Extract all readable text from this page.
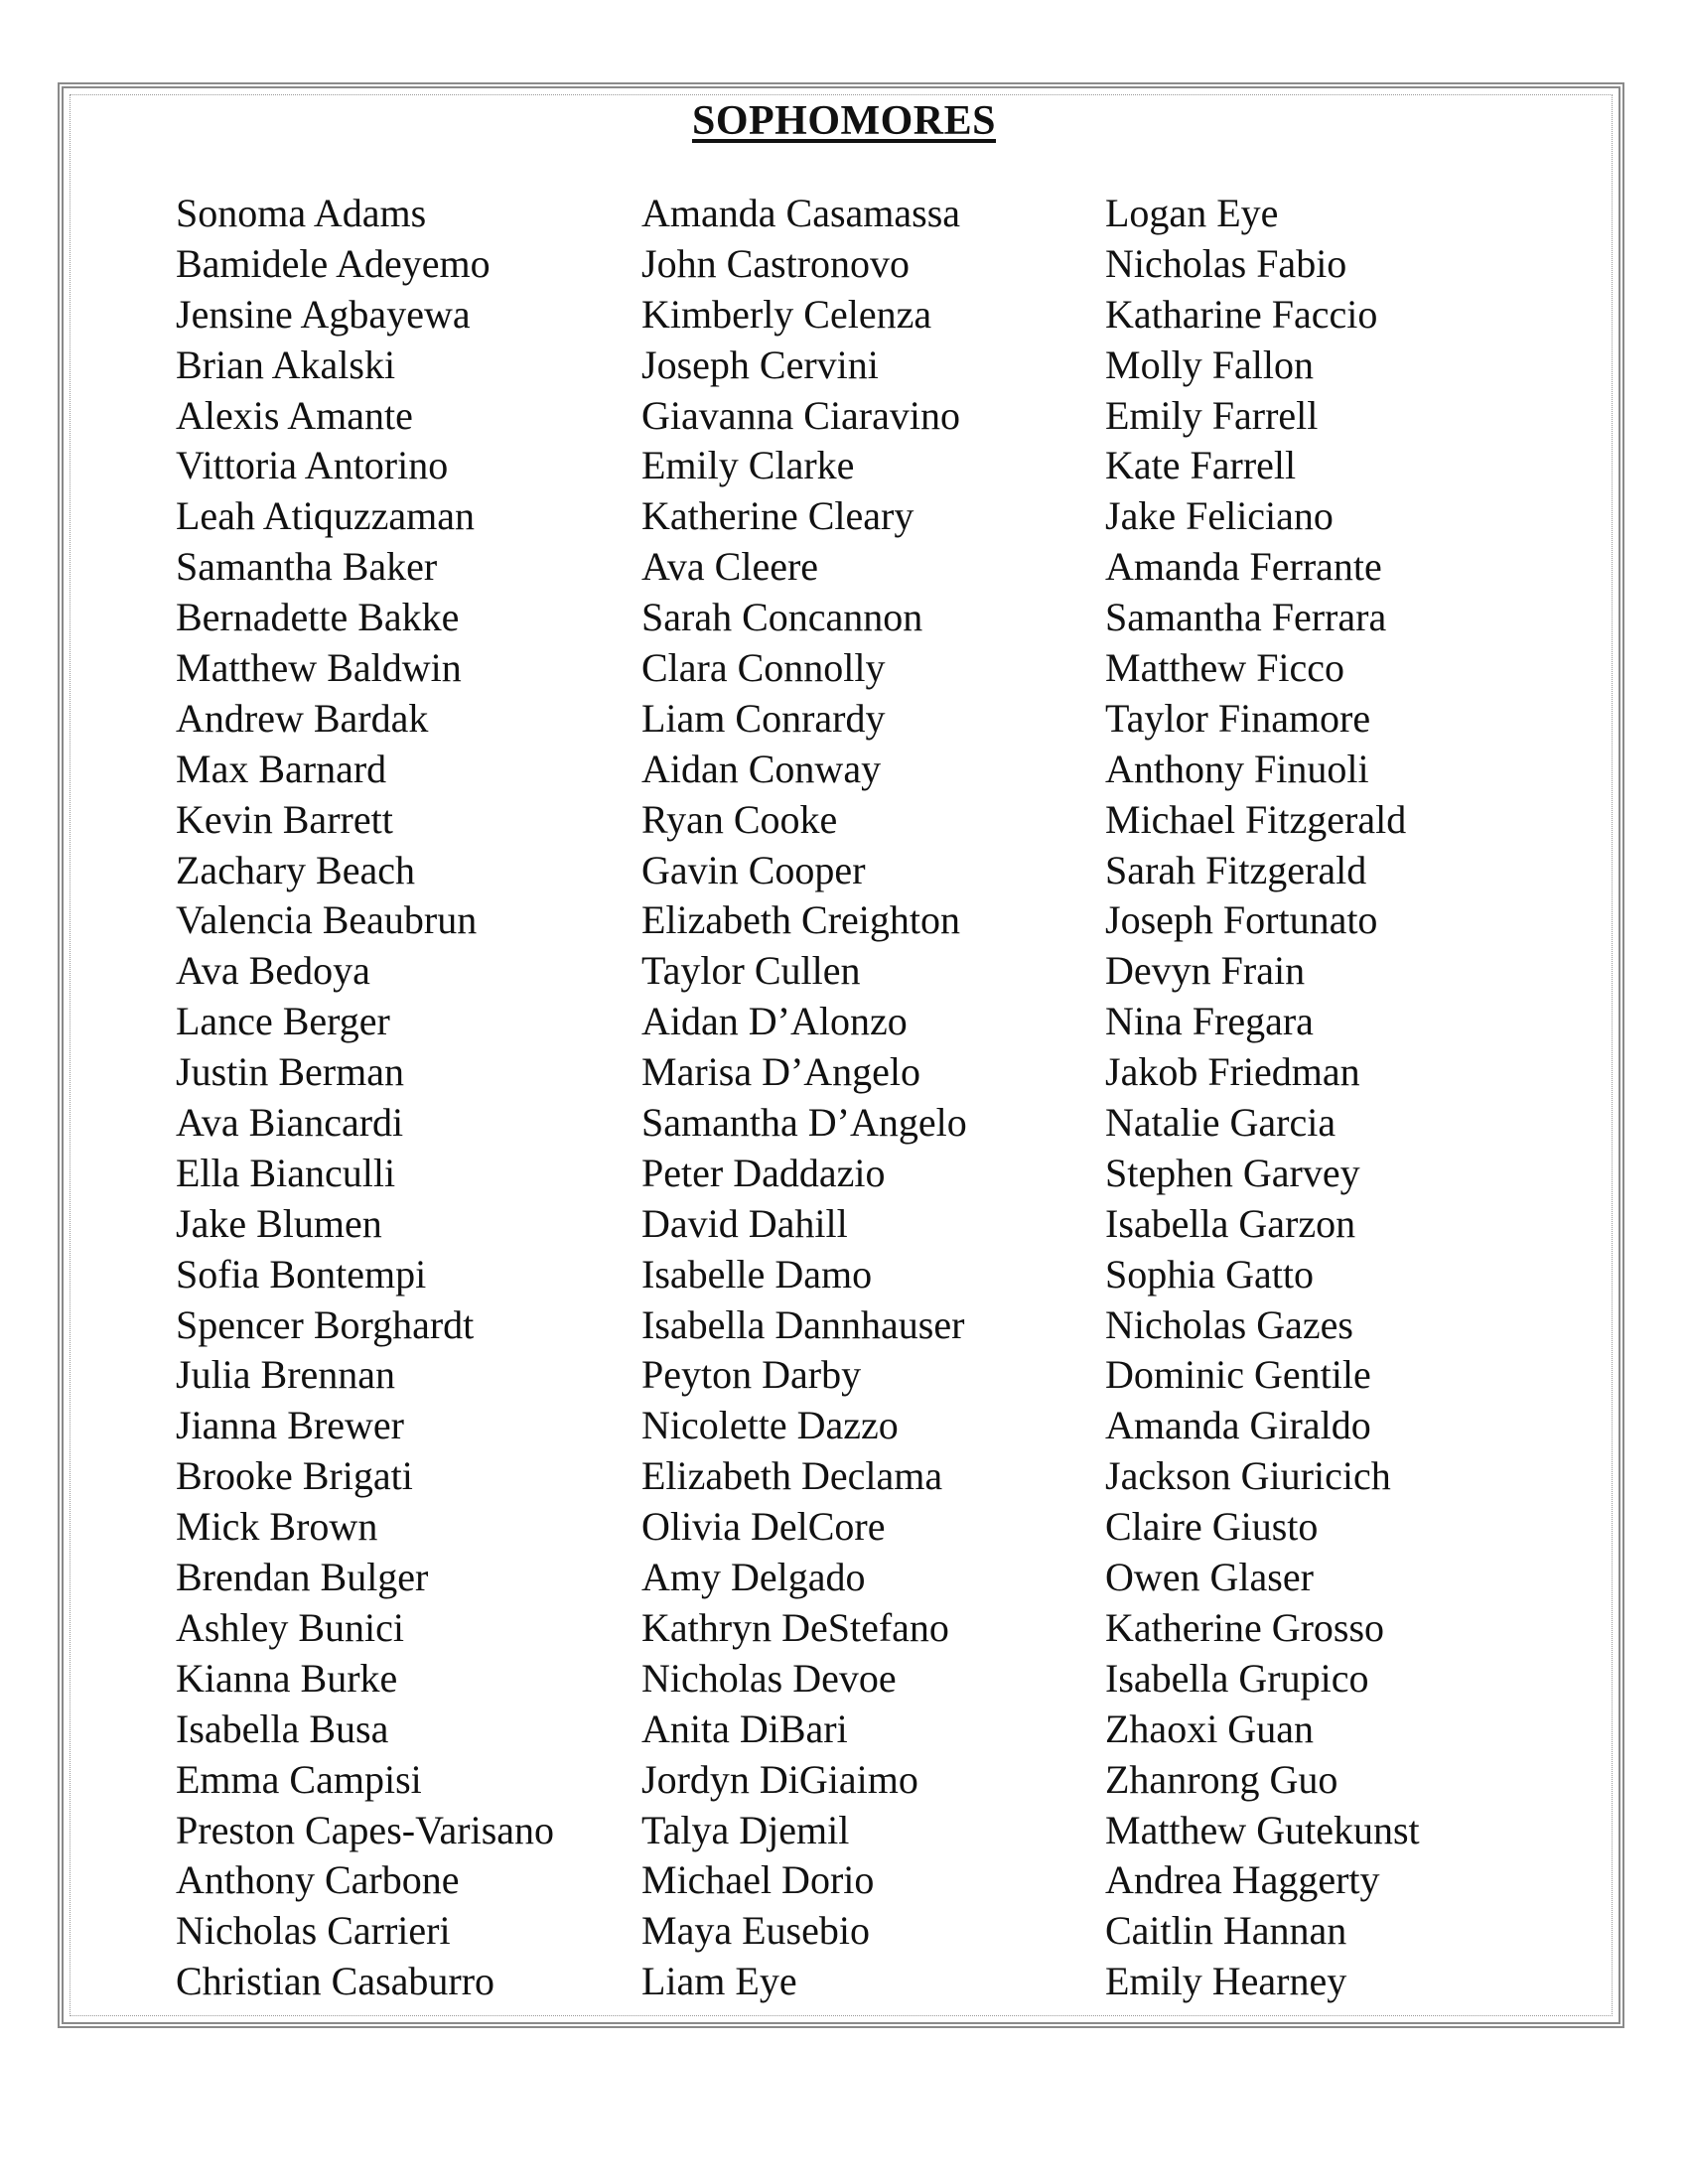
SOPHOMORES
Sonoma Adams
Bamidele Adeyemo
Jensine Agbayewa
Brian Akalski
Alexis Amante
Vittoria Antorino
Leah Atiquzzaman
Samantha Baker
Bernadette Bakke
Matthew Baldwin
Andrew Bardak
Max Barnard
Kevin Barrett
Zachary Beach
Valencia Beaubrun
Ava Bedoya
Lance Berger
Justin Berman
Ava Biancardi
Ella Bianculli
Jake Blumen
Sofia Bontempi
Spencer Borghardt
Julia Brennan
Jianna Brewer
Brooke Brigati
Mick Brown
Brendan Bulger
Ashley Bunici
Kianna Burke
Isabella Busa
Emma Campisi
Preston Capes-Varisano
Anthony Carbone
Nicholas Carrieri
Christian Casaburro
Amanda Casamassa
John Castronovo
Kimberly Celenza
Joseph Cervini
Giavanna Ciaravino
Emily Clarke
Katherine Cleary
Ava Cleere
Sarah Concannon
Clara Connolly
Liam Conrardy
Aidan Conway
Ryan Cooke
Gavin Cooper
Elizabeth Creighton
Taylor Cullen
Aidan D’Alonzo
Marisa D’Angelo
Samantha D’Angelo
Peter Daddazio
David Dahill
Isabelle Damo
Isabella Dannhauser
Peyton Darby
Nicolette Dazzo
Elizabeth Declama
Olivia DelCore
Amy Delgado
Kathryn DeStefano
Nicholas Devoe
Anita DiBari
Jordyn DiGiaimo
Talya Djemil
Michael Dorio
Maya Eusebio
Liam Eye
Logan Eye
Nicholas Fabio
Katharine Faccio
Molly Fallon
Emily Farrell
Kate Farrell
Jake Feliciano
Amanda Ferrante
Samantha Ferrara
Matthew Ficco
Taylor Finamore
Anthony Finuoli
Michael Fitzgerald
Sarah Fitzgerald
Joseph Fortunato
Devyn Frain
Nina Fregara
Jakob Friedman
Natalie Garcia
Stephen Garvey
Isabella Garzon
Sophia Gatto
Nicholas Gazes
Dominic Gentile
Amanda Giraldo
Jackson Giuricich
Claire Giusto
Owen Glaser
Katherine Grosso
Isabella Grupico
Zhaoxi Guan
Zhanrong Guo
Matthew Gutekunst
Andrea Haggerty
Caitlin Hannan
Emily Hearney
